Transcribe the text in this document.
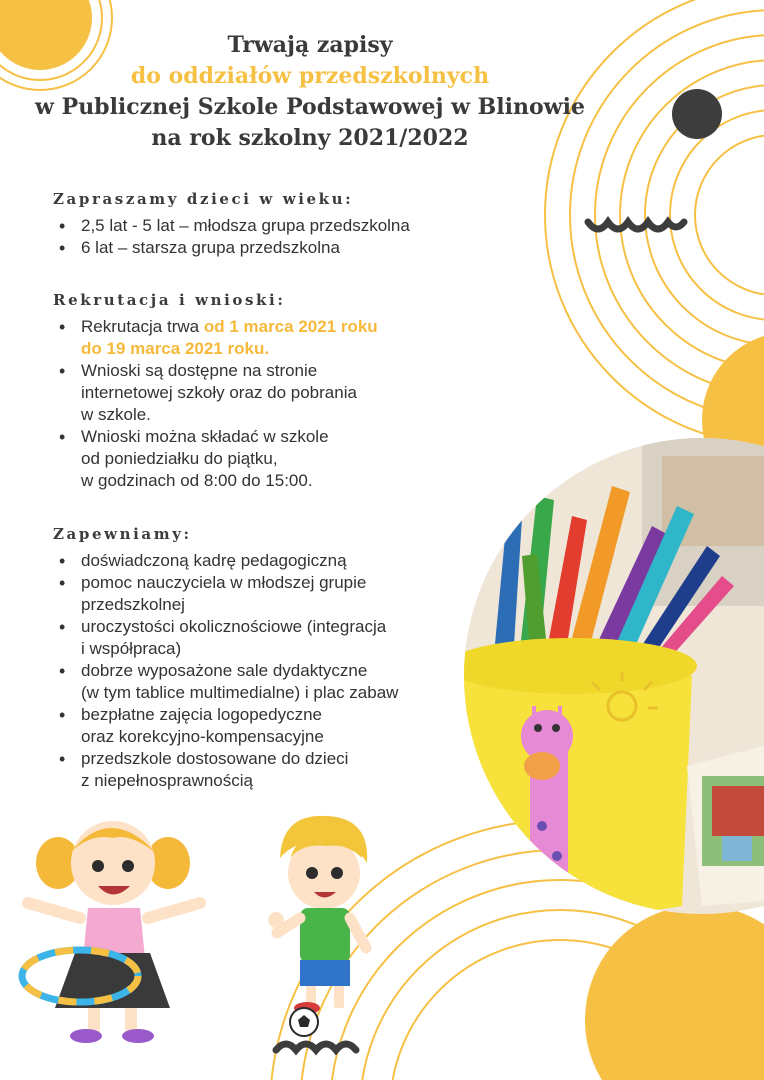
Trwają zapisy
do oddziałów przedszkolnych
w Publicznej Szkole Podstawowej w Blinowie
na rok szkolny 2021/2022
Zapraszamy dzieci w wieku:
• 2,5 lat - 5 lat – młodsza grupa przedszkolna
• 6 lat – starsza grupa przedszkolna
Rekrutacja i wnioski:
• Rekrutacja trwa od 1 marca 2021 roku
do 19 marca 2021 roku.
• Wnioski są dostępne na stronie
internetowej szkoły oraz do pobrania
w szkole.
• Wnioski można składać w szkole
od poniedziałku do piątku,
w godzinach od 8:00 do 15:00.
Zapewniamy:
• doświadczoną kadrę pedagogiczną
• pomoc nauczyciela w młodszej grupie
przedszkolnej
• uroczystości okolicznościowe (integracja
i współpraca)
• dobrze wyposażone sale dydaktyczne
(w tym tablice multimedialne) i plac zabaw
• bezpłatne zajęcia logopedyczne
oraz korekcyjno-kompensacyjne
• przedszkole dostosowane do dzieci
z niepełnosprawnością
